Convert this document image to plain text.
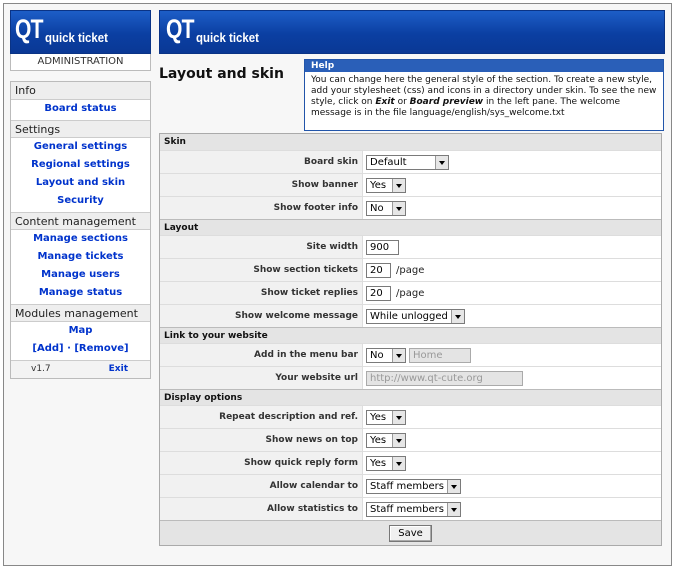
QT quick ticket
ADMINISTRATION
Info
Board status
Settings
General settings
Regional settings
Layout and skin
Security
Content management
Manage sections
Manage tickets
Manage users
Manage status
Modules management
Map
[Add] · [Remove]
v1.7	Exit
QT quick ticket
Layout and skin	Help
You can change here the general style of the section. To create a new style, add your stylesheet (css) and icons in a directory under skin. To see the new style, click on Exit or Board preview in the left pane. The welcome message is in the file language/english/sys_welcome.txt
Skin
Board skin	Default
Show banner	Yes
Show footer info	No
Layout
Site width	900
Show section tickets	20	/page
Show ticket replies	20	/page
Show welcome message	While unlogged
Link to your website
Add in the menu bar	No	Home
Your website url	http://www.qt-cute.org
Display options
Repeat description and ref.	Yes
Show news on top	Yes
Show quick reply form	Yes
Allow calendar to	Staff members
Allow statistics to	Staff members
Save
